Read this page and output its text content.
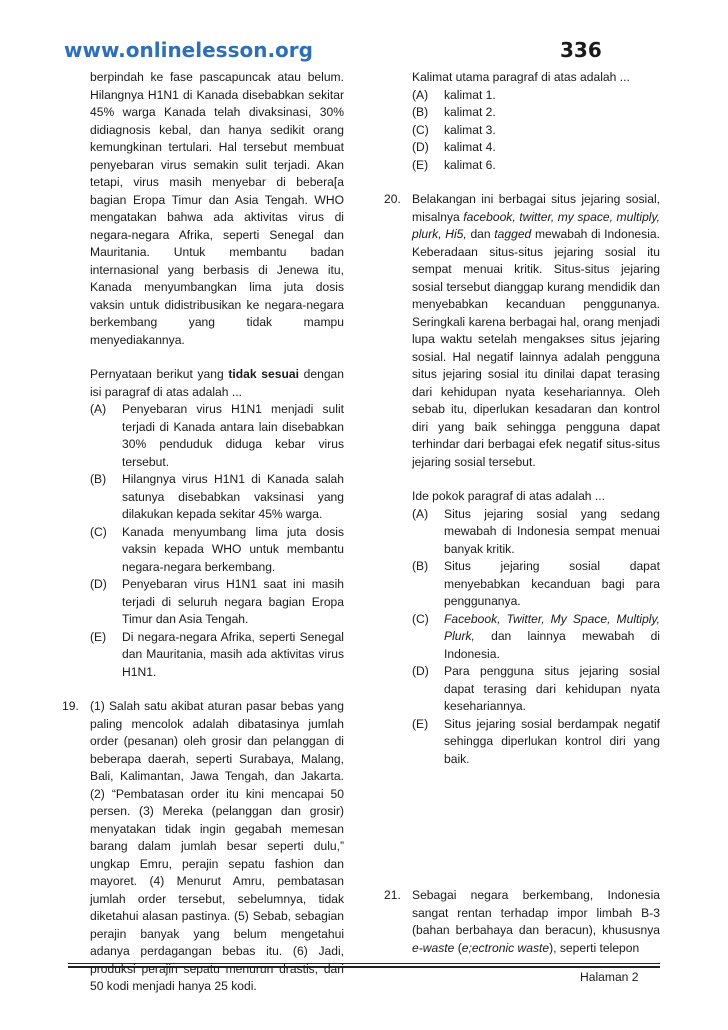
www.onlinelesson.org	336
berpindah ke fase pascapuncak atau belum. Hilangnya H1N1 di Kanada disebabkan sekitar 45% warga Kanada telah divaksinasi, 30% didiagnosis kebal, dan hanya sedikit orang kemungkinan tertulari. Hal tersebut membuat penyebaran virus semakin sulit terjadi. Akan tetapi, virus masih menyebar di bebera[a bagian Eropa Timur dan Asia Tengah. WHO mengatakan bahwa ada aktivitas virus di negara-negara Afrika, seperti Senegal dan Mauritania. Untuk membantu badan internasional yang berbasis di Jenewa itu, Kanada menyumbangkan lima juta dosis vaksin untuk didistribusikan ke negara-negara berkembang yang tidak mampu menyediakannya.
Pernyataan berikut yang tidak sesuai dengan isi paragraf di atas adalah ...
(A) Penyebaran virus H1N1 menjadi sulit terjadi di Kanada antara lain disebabkan 30% penduduk diduga kebar virus tersebut.
(B) Hilangnya virus H1N1 di Kanada salah satunya disebabkan vaksinasi yang dilakukan kepada sekitar 45% warga.
(C) Kanada menyumbang lima juta dosis vaksin kepada WHO untuk membantu negara-negara berkembang.
(D) Penyebaran virus H1N1 saat ini masih terjadi di seluruh negara bagian Eropa Timur dan Asia Tengah.
(E) Di negara-negara Afrika, seperti Senegal dan Mauritania, masih ada aktivitas virus H1N1.
19. (1) Salah satu akibat aturan pasar bebas yang paling mencolok adalah dibatasinya jumlah order (pesanan) oleh grosir dan pelanggan di beberapa daerah, seperti Surabaya, Malang, Bali, Kalimantan, Jawa Tengah, dan Jakarta. (2) “Pembatasan order itu kini mencapai 50 persen. (3) Mereka (pelanggan dan grosir) menyatakan tidak ingin gegabah memesan barang dalam jumlah besar seperti dulu,” ungkap Emru, perajin sepatu fashion dan mayoret. (4) Menurut Amru, pembatasan jumlah order tersebut, sebelumnya, tidak diketahui alasan pastinya. (5) Sebab, sebagian perajin banyak yang belum mengetahui adanya perdagangan bebas itu. (6) Jadi, produksi perajin sepatu menurun drastis, dari 50 kodi menjadi hanya 25 kodi.
Kalimat utama paragraf di atas adalah ...
(A) kalimat 1.
(B) kalimat 2.
(C) kalimat 3.
(D) kalimat 4.
(E) kalimat 6.
20. Belakangan ini berbagai situs jejaring sosial, misalnya facebook, twitter, my space, multiply, plurk, Hi5, dan tagged mewabah di Indonesia. Keberadaan situs-situs jejaring sosial itu sempat menuai kritik. Situs-situs jejaring sosial tersebut dianggap kurang mendidik dan menyebabkan kecanduan penggunanya. Seringkali karena berbagai hal, orang menjadi lupa waktu setelah mengakses situs jejaring sosial. Hal negatif lainnya adalah pengguna situs jejaring sosial itu dinilai dapat terasing dari kehidupan nyata kesehariannya. Oleh sebab itu, diperlukan kesadaran dan kontrol diri yang baik sehingga pengguna dapat terhindar dari berbagai efek negatif situs-situs jejaring sosial tersebut.
Ide pokok paragraf di atas adalah ...
(A) Situs jejaring sosial yang sedang mewabah di Indonesia sempat menuai banyak kritik.
(B) Situs jejaring sosial dapat menyebabkan kecanduan bagi para penggunanya.
(C) Facebook, Twitter, My Space, Multiply, Plurk, dan lainnya mewabah di Indonesia.
(D) Para pengguna situs jejaring sosial dapat terasing dari kehidupan nyata kesehariannya.
(E) Situs jejaring sosial berdampak negatif sehingga diperlukan kontrol diri yang baik.
21. Sebagai negara berkembang, Indonesia sangat rentan terhadap impor limbah B-3 (bahan berbahaya dan beracun), khususnya e-waste (e;ectronic waste), seperti telepon
Halaman 2
